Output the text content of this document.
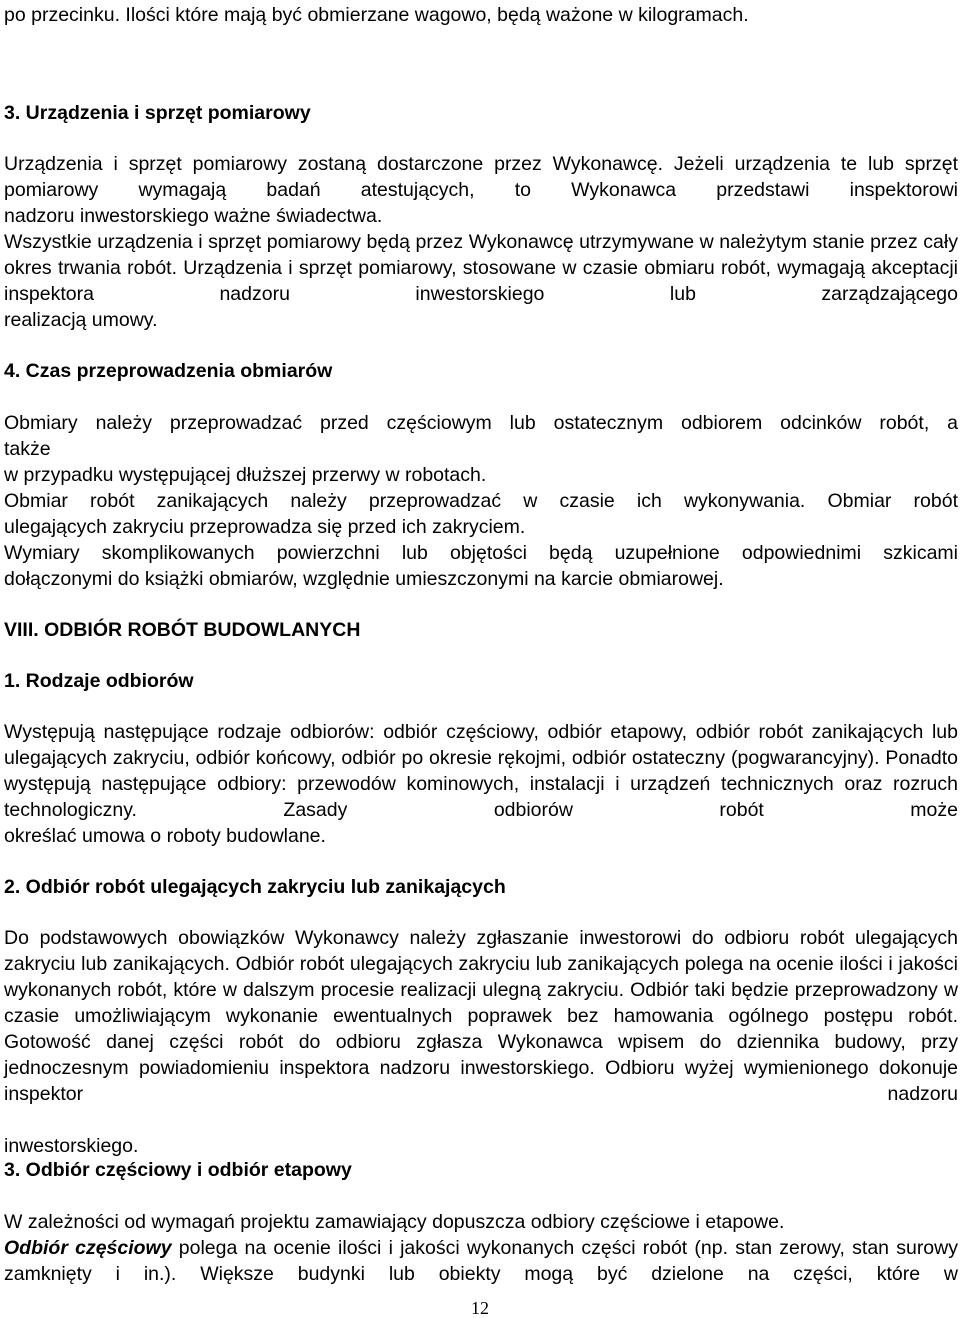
po przecinku. Ilości które mają być obmierzane wagowo, będą ważone w kilogramach.

3. Urządzenia i sprzęt pomiarowy

Urządzenia i sprzęt pomiarowy zostaną dostarczone przez Wykonawcę. Jeżeli urządzenia te lub sprzęt pomiarowy wymagają badań atestujących, to Wykonawca przedstawi inspektorowi

nadzoru inwestorskiego ważne świadectwa.

Wszystkie urządzenia i sprzęt pomiarowy będą przez Wykonawcę utrzymywane w należytym stanie przez cały okres trwania robót. Urządzenia i sprzęt pomiarowy, stosowane w czasie obmiaru robót, wymagają akceptacji inspektora nadzoru inwestorskiego lub zarządzającego

realizacją umowy.

4. Czas przeprowadzenia obmiarów

Obmiary należy przeprowadzać przed częściowym lub ostatecznym odbiorem odcinków robót, a

także

w przypadku występującej dłuższej przerwy w robotach.

Obmiar robót zanikających należy przeprowadzać w czasie ich wykonywania. Obmiar robót

ulegających zakryciu przeprowadza się przed ich zakryciem.

Wymiary skomplikowanych powierzchni lub objętości będą uzupełnione odpowiednimi szkicami

dołączonymi do książki obmiarów, względnie umieszczonymi na karcie obmiarowej.

VIII. ODBIÓR ROBÓT BUDOWLANYCH
1. Rodzaje odbiorów

Występują następujące rodzaje odbiorów: odbiór częściowy, odbiór etapowy, odbiór robót zanikających lub ulegających zakryciu, odbiór końcowy, odbiór po okresie rękojmi, odbiór ostateczny (pogwarancyjny). Ponadto występują następujące odbiory: przewodów kominowych, instalacji i urządzeń technicznych oraz rozruch technologiczny. Zasady odbiorów robót może

określać umowa o roboty budowlane.

2. Odbiór robót ulegających zakryciu lub zanikających

Do podstawowych obowiązków Wykonawcy należy zgłaszanie inwestorowi do odbioru robót ulegających zakryciu lub zanikających. Odbiór robót ulegających zakryciu lub zanikających polega na ocenie ilości i jakości wykonanych robót, które w dalszym procesie realizacji ulegną zakryciu. Odbiór taki będzie przeprowadzony w czasie umożliwiającym wykonanie ewentualnych poprawek bez hamowania ogólnego postępu robót. Gotowość danej części robót do odbioru zgłasza Wykonawca wpisem do dziennika budowy, przy jednoczesnym powiadomieniu inspektora nadzoru inwestorskiego. Odbioru wyżej wymienionego dokonuje inspektor nadzoru

inwestorskiego.

3. Odbiór częściowy i odbiór etapowy

W zależności od wymagań projektu zamawiający dopuszcza odbiory częściowe i etapowe.

Odbiór częściowy polega na ocenie ilości i jakości wykonanych części robót (np. stan zerowy, stan surowy zamknięty i in.). Większe budynki lub obiekty mogą być dzielone na części, które w

12
